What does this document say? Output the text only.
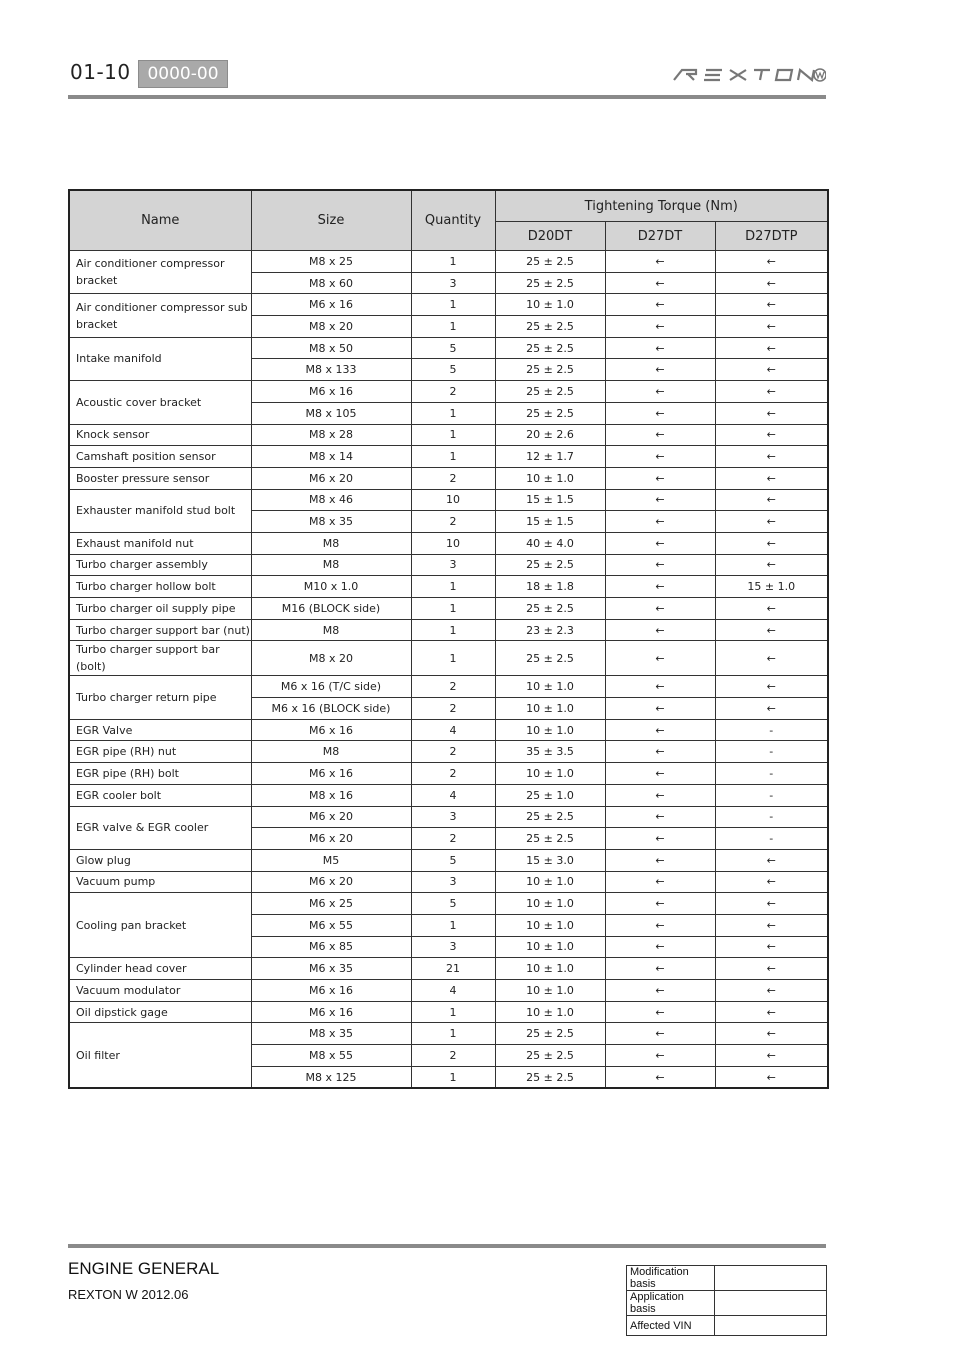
01-10 0000-00
Name	Size	Quantity	Tightening Torque (Nm)		
			D20DT	D27DT	D27DTP
Air conditioner compressor bracket	M8 x 25	1	25 ± 2.5	←	←
	M8 x 60	3	25 ± 2.5	←	←
Air conditioner compressor sub bracket	M6 x 16	1	10 ± 1.0	←	←
	M8 x 20	1	25 ± 2.5	←	←
Intake manifold	M8 x 50	5	25 ± 2.5	←	←
	M8 x 133	5	25 ± 2.5	←	←
Acoustic cover bracket	M6 x 16	2	25 ± 2.5	←	←
	M8 x 105	1	25 ± 2.5	←	←
Knock sensor	M8 x 28	1	20 ± 2.6	←	←
Camshaft position sensor	M8 x 14	1	12 ± 1.7	←	←
Booster pressure sensor	M6 x 20	2	10 ± 1.0	←	←
Exhauster manifold stud bolt	M8 x 46	10	15 ± 1.5	←	←
	M8 x 35	2	15 ± 1.5	←	←
Exhaust manifold nut	M8	10	40 ± 4.0	←	←
Turbo charger assembly	M8	3	25 ± 2.5	←	←
Turbo charger hollow bolt	M10 x 1.0	1	18 ± 1.8	←	15 ± 1.0
Turbo charger oil supply pipe	M16 (BLOCK side)	1	25 ± 2.5	←	←
Turbo charger support bar (nut)	M8	1	23 ± 2.3	←	←
Turbo charger support bar (bolt)	M8 x 20	1	25 ± 2.5	←	←
Turbo charger return pipe	M6 x 16 (T/C side)	2	10 ± 1.0	←	←
	M6 x 16 (BLOCK side)	2	10 ± 1.0	←	←
EGR Valve	M6 x 16	4	10 ± 1.0	←	-
EGR pipe (RH) nut	M8	2	35 ± 3.5	←	-
EGR pipe (RH) bolt	M6 x 16	2	10 ± 1.0	←	-
EGR cooler bolt	M8 x 16	4	25 ± 1.0	←	-
EGR valve & EGR cooler	M6 x 20	3	25 ± 2.5	←	-
	M6 x 20	2	25 ± 2.5	←	-
Glow plug	M5	5	15 ± 3.0	←	←
Vacuum pump	M6 x 20	3	10 ± 1.0	←	←
Cooling pan bracket	M6 x 25	5	10 ± 1.0	←	←
	M6 x 55	1	10 ± 1.0	←	←
	M6 x 85	3	10 ± 1.0	←	←
Cylinder head cover	M6 x 35	21	10 ± 1.0	←	←
Vacuum modulator	M6 x 16	4	10 ± 1.0	←	←
Oil dipstick gage	M6 x 16	1	10 ± 1.0	←	←
Oil filter	M8 x 35	1	25 ± 2.5	←	←
	M8 x 55	2	25 ± 2.5	←	←
	M8 x 125	1	25 ± 2.5	←	←
ENGINE GENERAL
REXTON W 2012.06
Modification basis	
Application basis	
Affected VIN	
